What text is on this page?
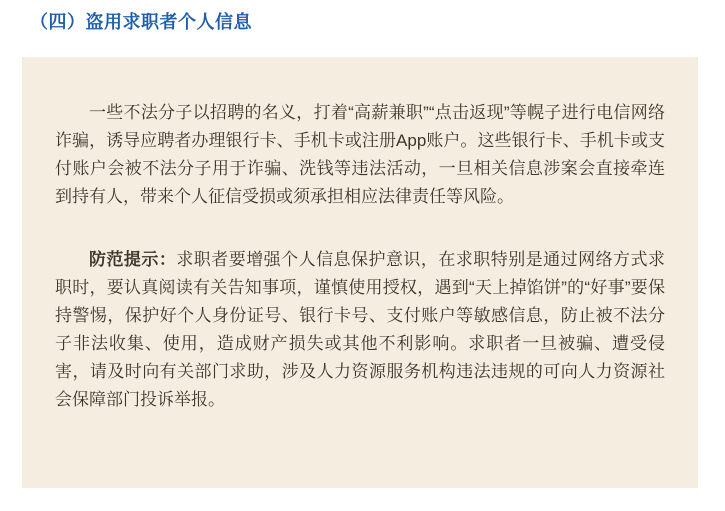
（四）盗用求职者个人信息

一些不法分子以招聘的名义，打着“高薪兼职”“点击返现”等幌子进行电信网络诈骗，诱导应聘者办理银行卡、手机卡或注册App账户。这些银行卡、手机卡或支付账户会被不法分子用于诈骗、洗钱等违法活动，一旦相关信息涉案会直接牵连到持有人，带来个人征信受损或须承担相应法律责任等风险。

防范提示：求职者要增强个人信息保护意识，在求职特别是通过网络方式求职时，要认真阅读有关告知事项，谨慎使用授权，遇到“天上掉馅饼”的“好事”要保持警惕，保护好个人身份证号、银行卡号、支付账户等敏感信息，防止被不法分子非法收集、使用，造成财产损失或其他不利影响。求职者一旦被骗、遭受侵害，请及时向有关部门求助，涉及人力资源服务机构违法违规的可向人力资源社会保障部门投诉举报。
